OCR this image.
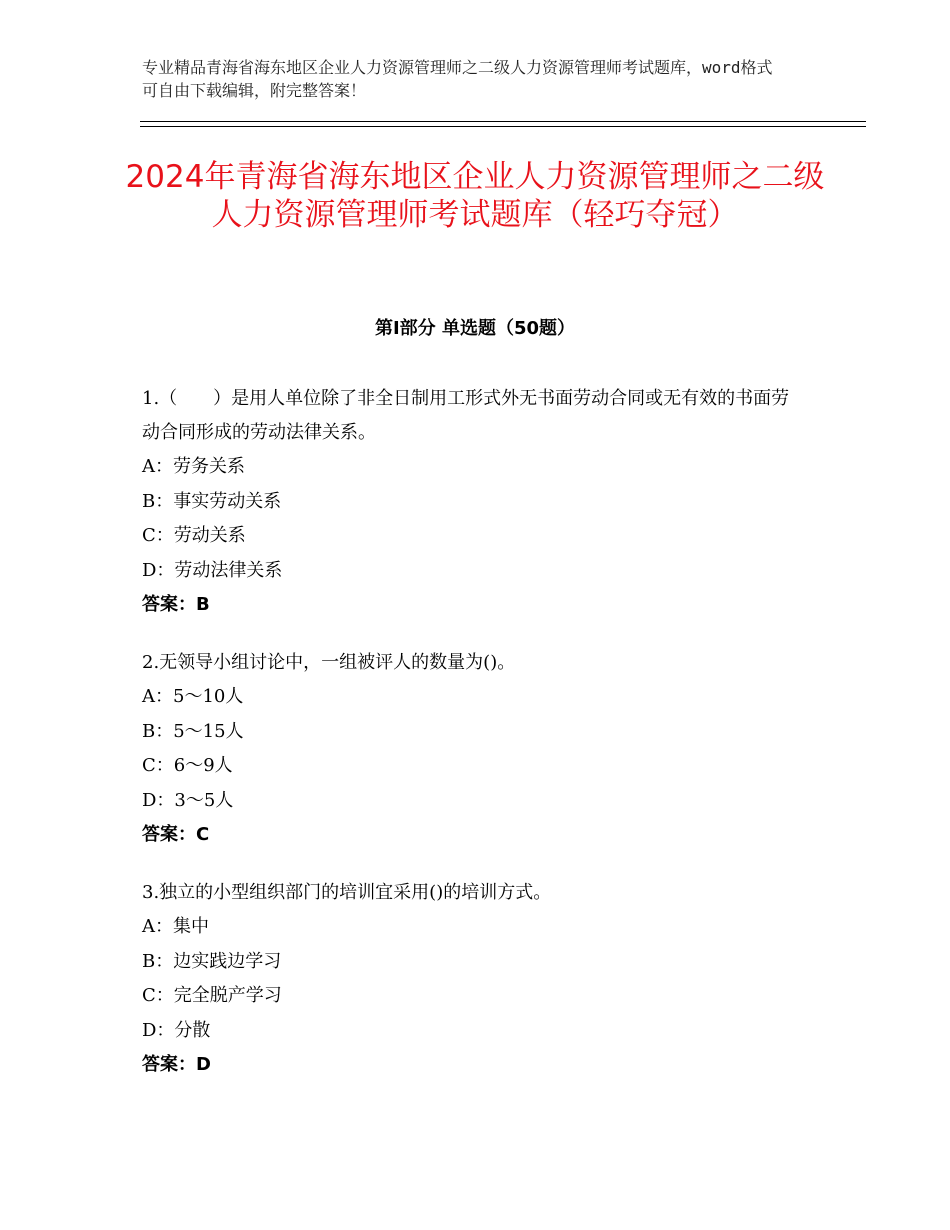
专业精品青海省海东地区企业人力资源管理师之二级人力资源管理师考试题库，word格式可自由下载编辑，附完整答案！
2024年青海省海东地区企业人力资源管理师之二级人力资源管理师考试题库（轻巧夺冠）
第Ⅰ部分 单选题（50题）
1.（　　）是用人单位除了非全日制用工形式外无书面劳动合同或无有效的书面劳动合同形成的劳动法律关系。
A：劳务关系
B：事实劳动关系
C：劳动关系
D：劳动法律关系
答案：B
2.无领导小组讨论中，一组被评人的数量为()。
A：5～10人
B：5～15人
C：6～9人
D：3～5人
答案：C
3.独立的小型组织部门的培训宜采用()的培训方式。
A：集中
B：边实践边学习
C：完全脱产学习
D：分散
答案：D
